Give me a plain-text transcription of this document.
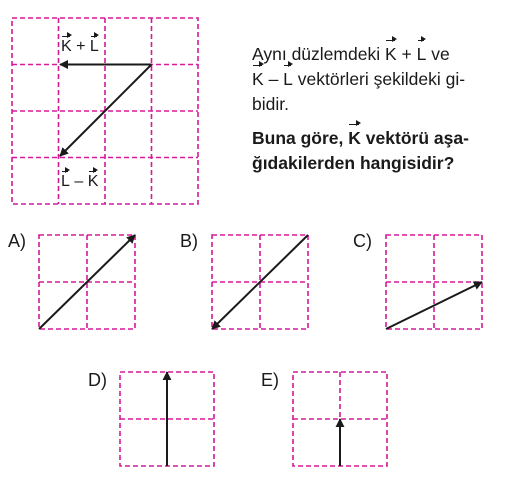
K + L
L – K
Aynı düzlemdeki K + L ve
K – L vektörleri şekildeki gi-
bidir.
Buna göre, K vektörü aşa-
ğıdakilerden hangisidir?
A)	B)	C)
D)	E)
